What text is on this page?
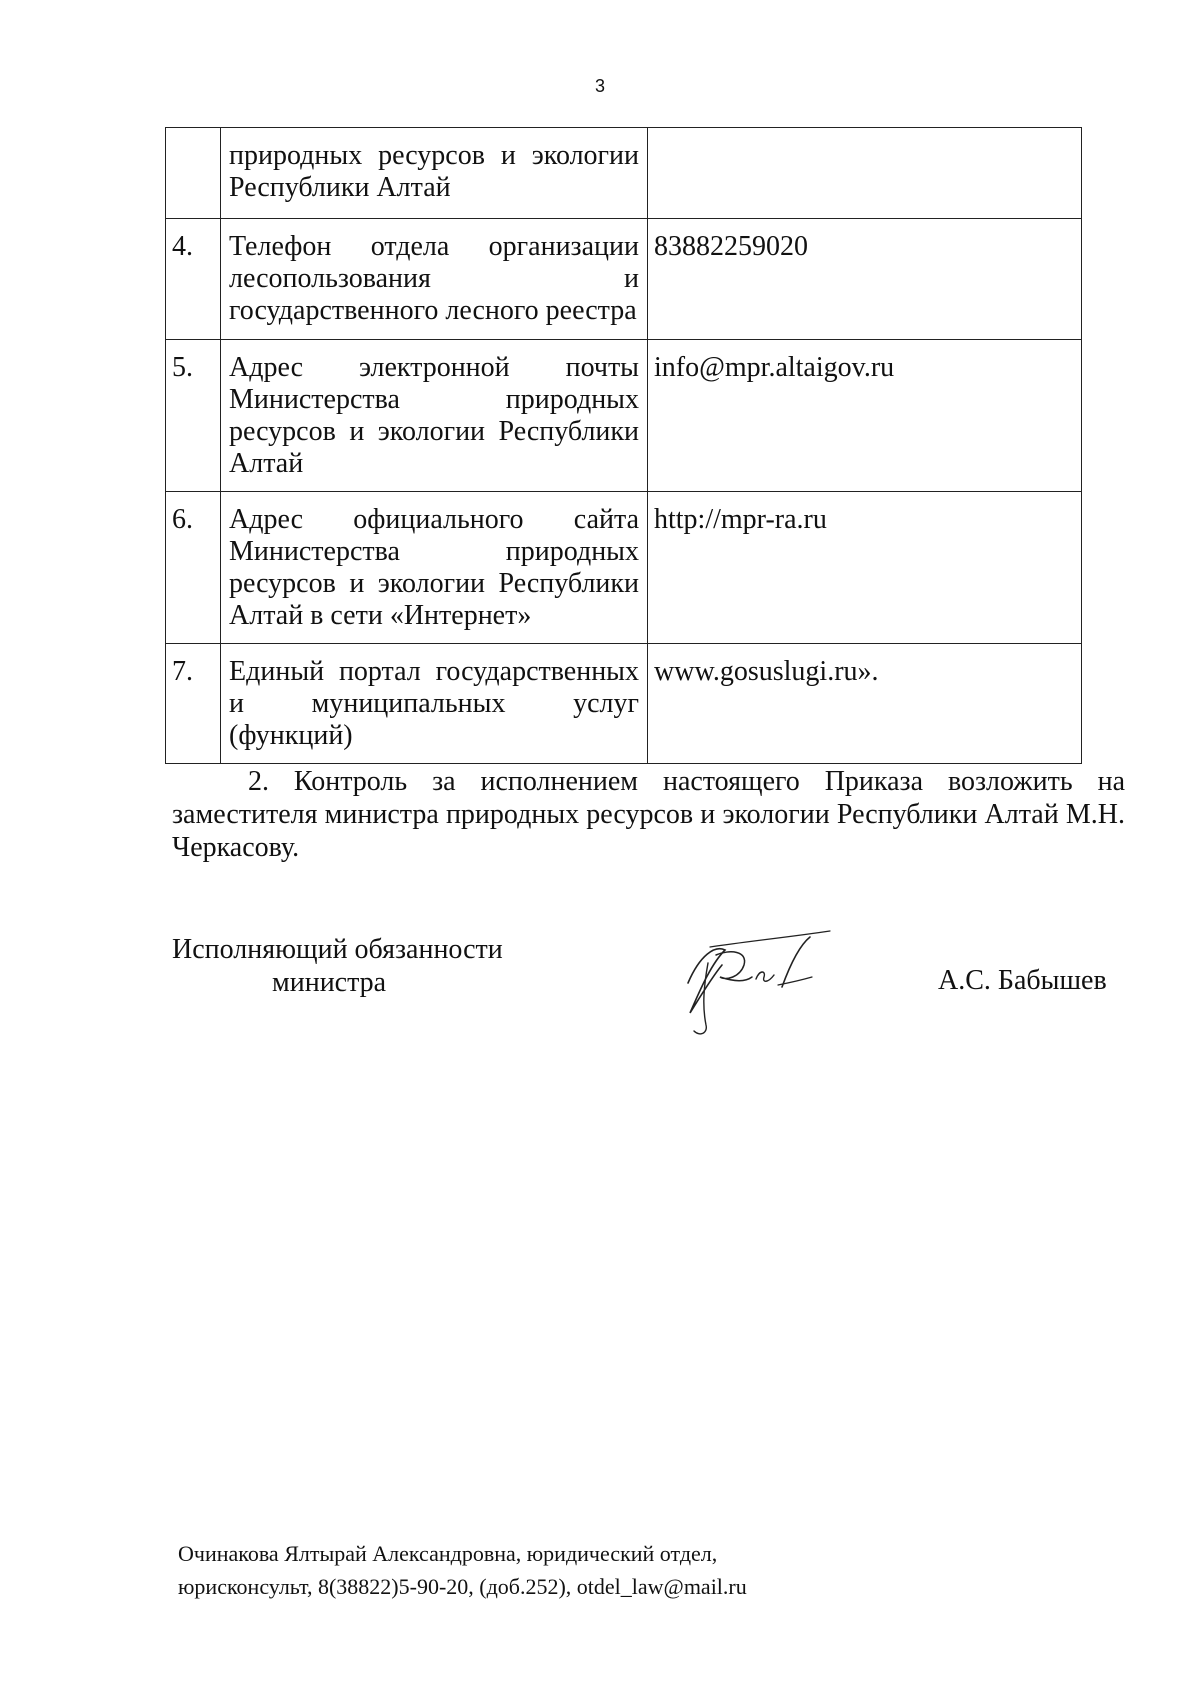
3
	природных ресурсов и экологии Республики Алтай	
4.	Телефон отдела организации лесопользования и государственного лесного реестра	83882259020
5.	Адрес электронной почты Министерства природных ресурсов и экологии Республики Алтай	info@mpr.altaigov.ru
6.	Адрес официального сайта Министерства природных ресурсов и экологии Республики Алтай в сети «Интернет»	http://mpr-ra.ru
7.	Единый портал государственных и муниципальных услуг (функций)	www.gosuslugi.ru».
2. Контроль за исполнением настоящего Приказа возложить на заместителя министра природных ресурсов и экологии Республики Алтай М.Н. Черкасову.
Исполняющий обязанности
министра	А.С. Бабышев
Очинакова Ялтырай Александровна, юридический отдел,
юрисконсульт, 8(38822)5-90-20, (доб.252), otdel_law@mail.ru
